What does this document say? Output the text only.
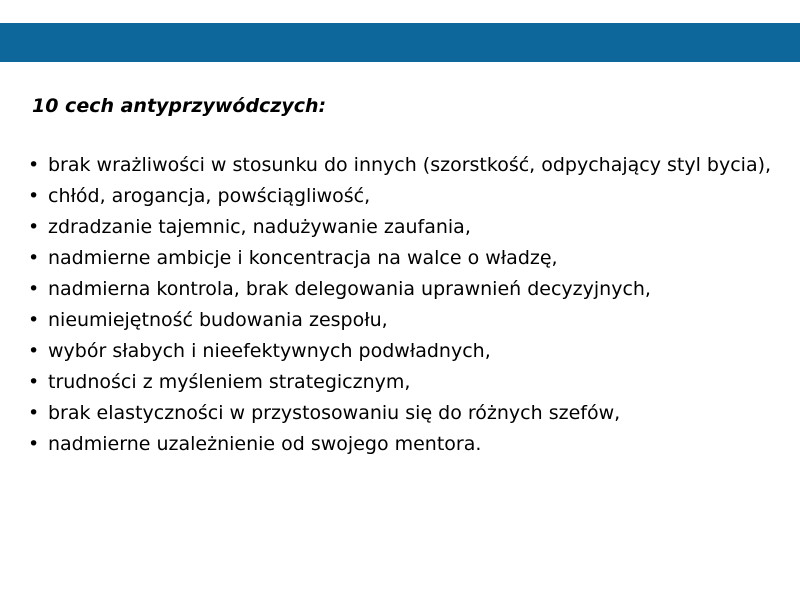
10 cech antyprzywódczych:
• brak wrażliwości w stosunku do innych (szorstkość, odpychający styl bycia),
• chłód, arogancja, powściągliwość,
• zdradzanie tajemnic, nadużywanie zaufania,
• nadmierne ambicje i koncentracja na walce o władzę,
• nadmierna kontrola, brak delegowania uprawnień decyzyjnych,
• nieumiejętność budowania zespołu,
• wybór słabych i nieefektywnych podwładnych,
• trudności z myśleniem strategicznym,
• brak elastyczności w przystosowaniu się do różnych szefów,
• nadmierne uzależnienie od swojego mentora.
